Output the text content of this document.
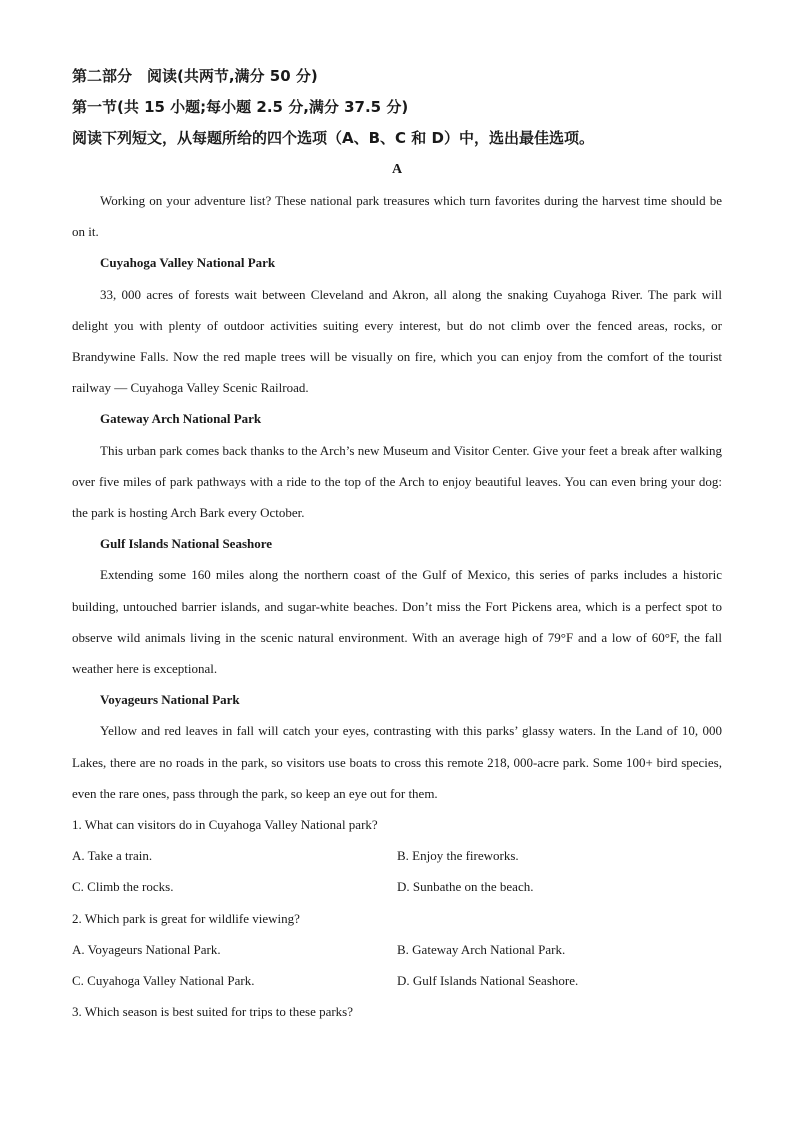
第二部分　阅读(共两节,满分 50 分)
第一节(共 15 小题;每小题 2.5 分,满分 37.5 分)
阅读下列短文，从每题所给的四个选项（A、B、C 和 D）中，选出最佳选项。
A

Working on your adventure list? These national park treasures which turn favorites during the harvest time should be on it.

Cuyahoga Valley National Park

33, 000 acres of forests wait between Cleveland and Akron, all along the snaking Cuyahoga River. The park will delight you with plenty of outdoor activities suiting every interest, but do not climb over the fenced areas, rocks, or Brandywine Falls. Now the red maple trees will be visually on fire, which you can enjoy from the comfort of the tourist railway — Cuyahoga Valley Scenic Railroad.

Gateway Arch National Park

This urban park comes back thanks to the Arch’s new Museum and Visitor Center. Give your feet a break after walking over five miles of park pathways with a ride to the top of the Arch to enjoy beautiful leaves. You can even bring your dog: the park is hosting Arch Bark every October.

Gulf Islands National Seashore

Extending some 160 miles along the northern coast of the Gulf of Mexico, this series of parks includes a historic building, untouched barrier islands, and sugar-white beaches. Don’t miss the Fort Pickens area, which is a perfect spot to observe wild animals living in the scenic natural environment. With an average high of 79°F and a low of 60°F, the fall weather here is exceptional.

Voyageurs National Park

Yellow and red leaves in fall will catch your eyes, contrasting with this parks’ glassy waters. In the Land of 10, 000 Lakes, there are no roads in the park, so visitors use boats to cross this remote 218, 000-acre park. Some 100+ bird species, even the rare ones, pass through the park, so keep an eye out for them.

1. What can visitors do in Cuyahoga Valley National park?

A. Take a train.	B. Enjoy the fireworks.
C. Climb the rocks.	D. Sunbathe on the beach.

2. Which park is great for wildlife viewing?

A. Voyageurs National Park.	B. Gateway Arch National Park.
C. Cuyahoga Valley National Park.	D. Gulf Islands National Seashore.

3. Which season is best suited for trips to these parks?
